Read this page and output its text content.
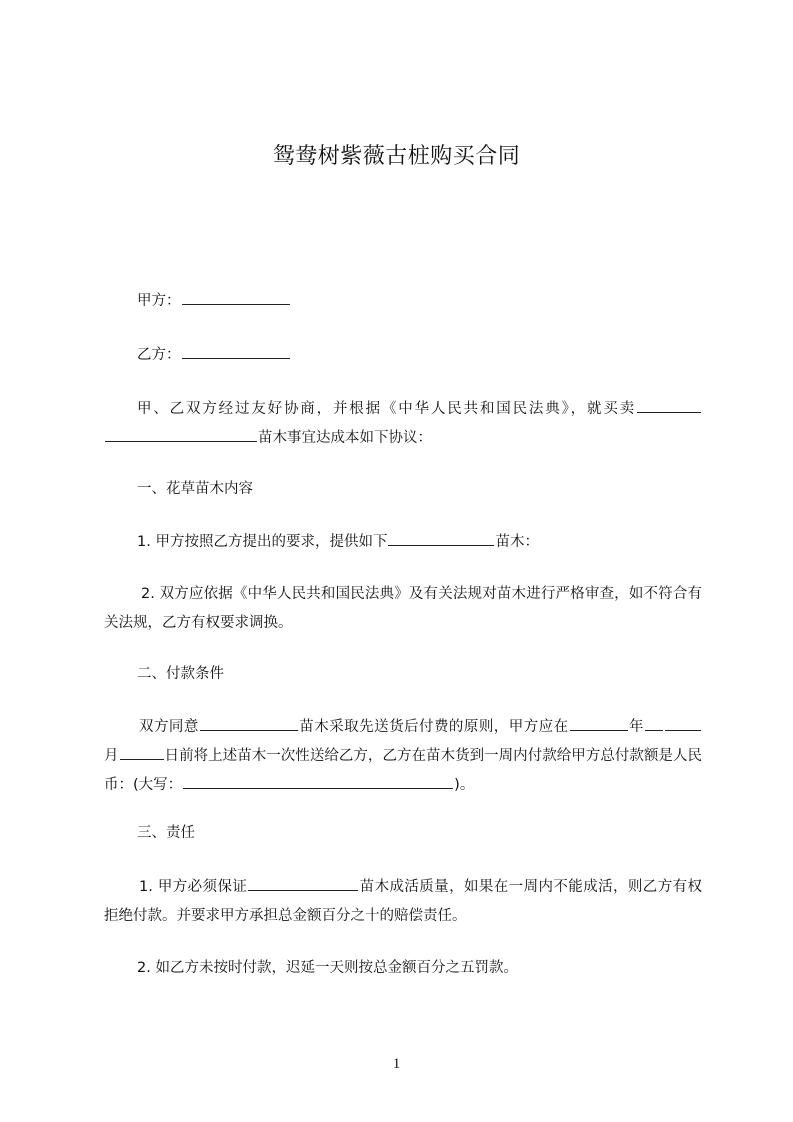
鸳鸯树紫薇古桩购买合同
甲方：
乙方：
甲、乙双方经过友好协商，并根据《中华人民共和国民法典》，就买卖苗木事宜达成本如下协议：
一、花草苗木内容
1. 甲方按照乙方提出的要求，提供如下	苗木：
2. 双方应依据《中华人民共和国民法典》及有关法规对苗木进行严格审查，如不符合有关法规，乙方有权要求调换。
二、付款条件
双方同意	苗木采取先送货后付费的原则，甲方应在	年月	日前将上述苗木一次性送给乙方，乙方在苗木货到一周内付款给甲方总付款额是人民币：(大写：	)。
三、责任
1. 甲方必须保证	苗木成活质量，如果在一周内不能成活，则乙方有权拒绝付款。并要求甲方承担总金额百分之十的赔偿责任。
2. 如乙方未按时付款，迟延一天则按总金额百分之五罚款。
1
